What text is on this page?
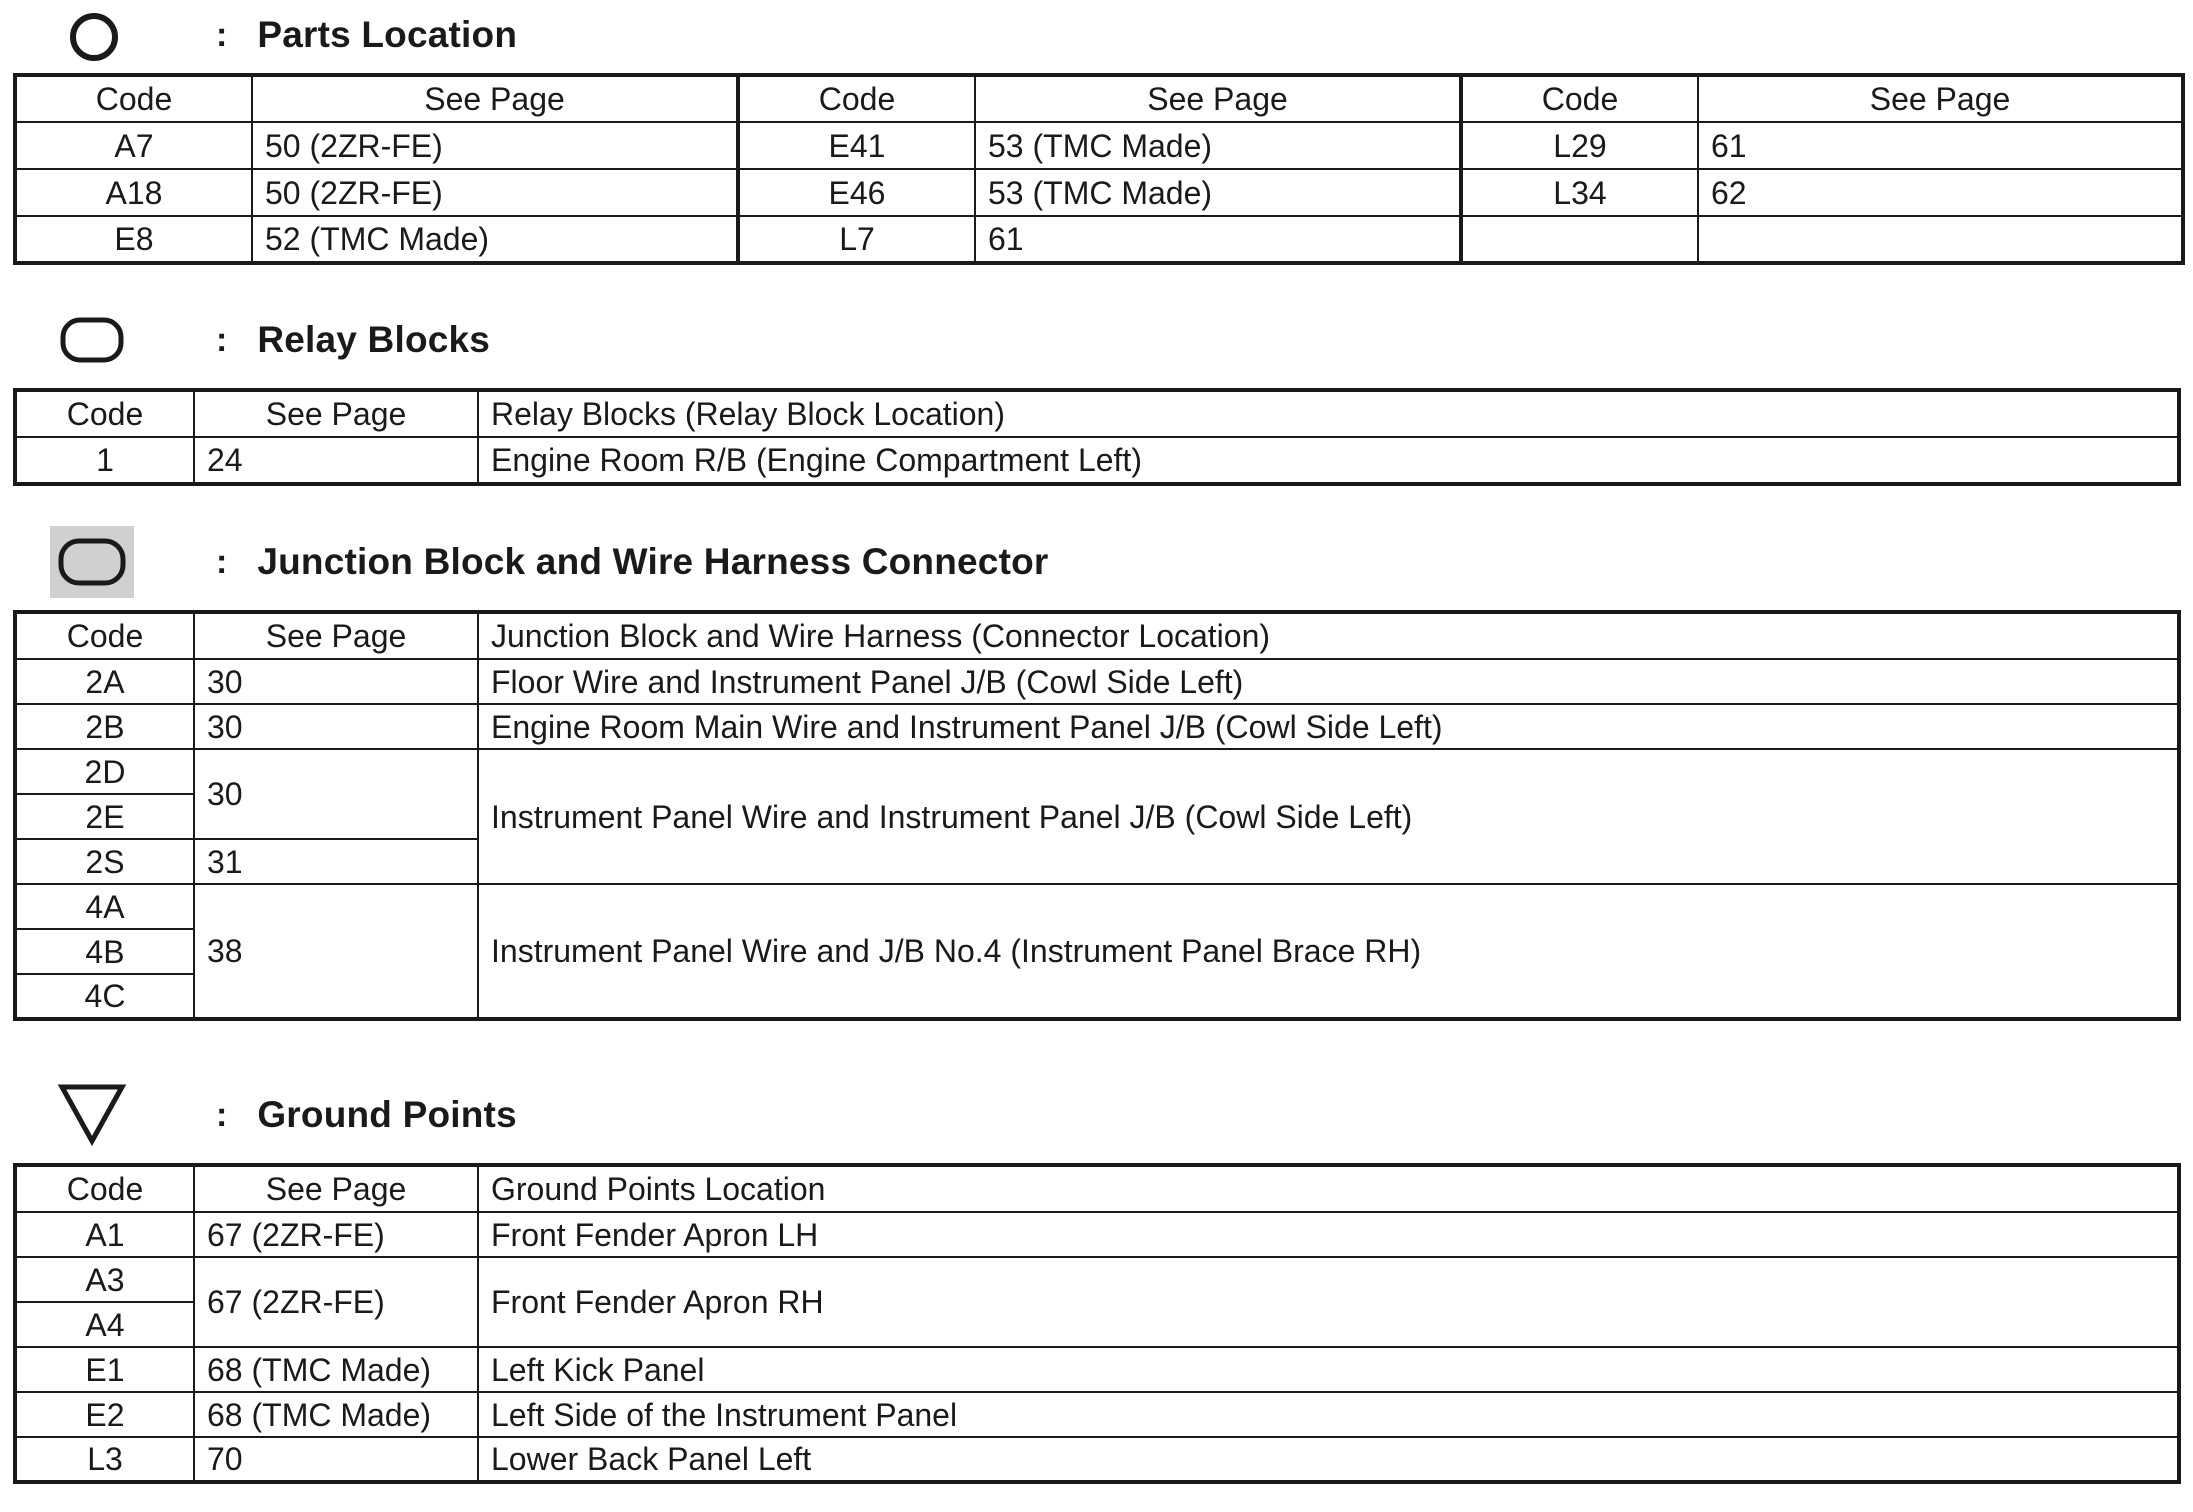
: Parts Location
Code	See Page	Code	See Page	Code	See Page
A7	50 (2ZR-FE)	E41	53 (TMC Made)	L29	61
A18	50 (2ZR-FE)	E46	53 (TMC Made)	L34	62
E8	52 (TMC Made)	L7	61		
: Relay Blocks
Code	See Page	Relay Blocks (Relay Block Location)
1	24	Engine Room R/B (Engine Compartment Left)
: Junction Block and Wire Harness Connector
Code	See Page	Junction Block and Wire Harness (Connector Location)
2A	30	Floor Wire and Instrument Panel J/B (Cowl Side Left)
2B	30	Engine Room Main Wire and Instrument Panel J/B (Cowl Side Left)
2D	30	Instrument Panel Wire and Instrument Panel J/B (Cowl Side Left)
2E		
2S	31	
4A	38	Instrument Panel Wire and J/B No.4 (Instrument Panel Brace RH)
4B		
4C		
: Ground Points
Code	See Page	Ground Points Location
A1	67 (2ZR-FE)	Front Fender Apron LH
A3	67 (2ZR-FE)	Front Fender Apron RH
A4		
E1	68 (TMC Made)	Left Kick Panel
E2	68 (TMC Made)	Left Side of the Instrument Panel
L3	70	Lower Back Panel Left
